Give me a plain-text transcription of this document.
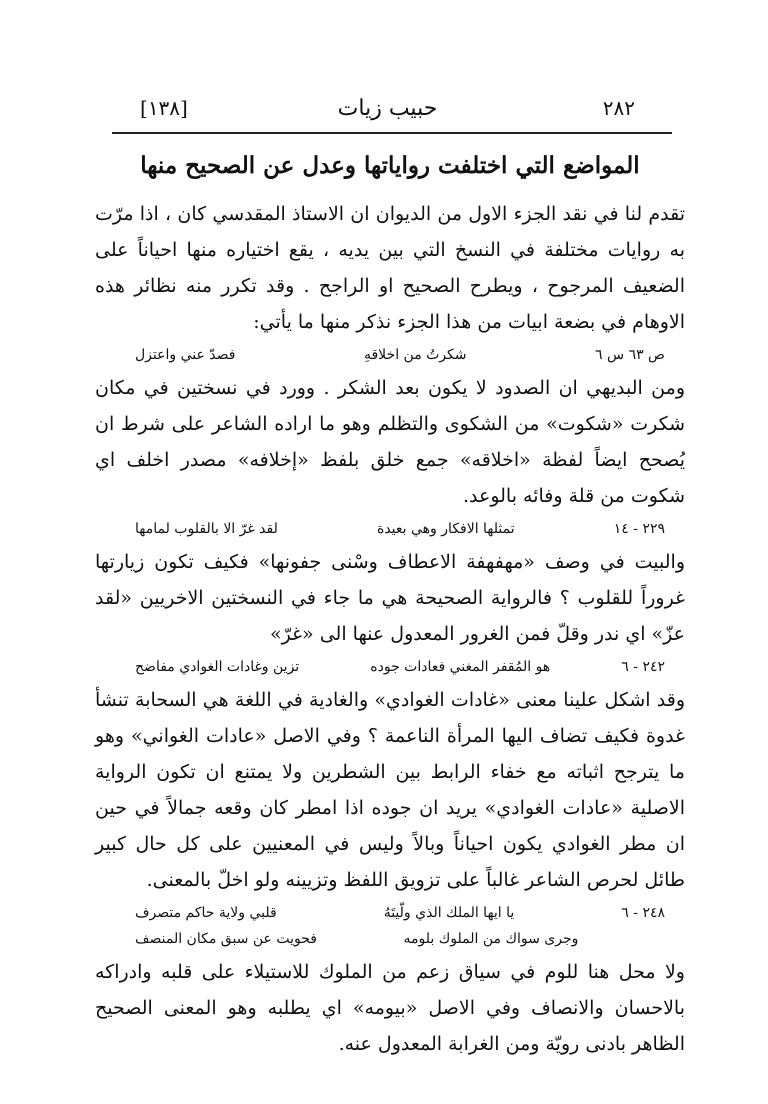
[١٣٨]	حبيب زيات	٢٨٢
المواضع التي اختلفت رواياتها وعدل عن الصحيح منها

تقدم لنا في نقد الجزء الاول من الديوان ان الاستاذ المقدسي كان ، اذا مرّت به روايات مختلفة في النسخ التي بين يديه ، يقع اختياره منها احياناً على الضعيف المرجوح ، ويطرح الصحيح او الراجح . وقد تكرر منه نظائر هذه الاوهام في بضعة ابيات من هذا الجزء نذكر منها ما يأتي:

ص ٦٣ س ٦
شكرتُ من اخلاقهِ
فصدّ عني واعتزل

ومن البديهي ان الصدود لا يكون بعد الشكر . وورد في نسختين في مكان شكرت «شكوت» من الشكوى والتظلم وهو ما اراده الشاعر على شرط ان يُصحح ايضاً لفظة «اخلاقه» جمع خلق بلفظ «إخلافه» مصدر اخلف اي شكوت من قلة وفائه بالوعد.

٢٢٩ - ١٤
تمثلها الافكار وهي بعيدة
لقد غرّ الا بالقلوب لمامها

والبيت في وصف «مهفهفة الاعطاف وسْنى جفونها» فكيف تكون زيارتها غروراً للقلوب ؟ فالرواية الصحيحة هي ما جاء في النسختين الاخريين «لقد عزّ» اي ندر وقلّ فمن الغرور المعدول عنها الى «غرّ»

٢٤٢ - ٦
هو المُقفر المغني فعادات جوده
تزين وغادات الغوادي مفاضح

وقد اشكل علينا معنى «غادات الغوادي» والغادية في اللغة هي السحابة تنشأ غدوة فكيف تضاف اليها المرأة الناعمة ؟ وفي الاصل «عادات الغواني» وهو ما يترجح اثباته مع خفاء الرابط بين الشطرين ولا يمتنع ان تكون الرواية الاصلية «عادات الغوادي» يريد ان جوده اذا امطر كان وقعه جمالاً في حين ان مطر الغوادي يكون احياناً وبالاً وليس في المعنيين على كل حال كبير طائل لحرص الشاعر غالباً على تزويق اللفظ وتزيينه ولو اخلّ بالمعنى.

٢٤٨ - ٦
يا ايها الملك الذي ولّيتَهُ
قلبي ولاية حاكم متصرف
وجرى سواك من الملوك بلومه
فحويت عن سبق مكان المنصف

ولا محل هنا للوم في سياق زعم من الملوك للاستيلاء على قلبه وادراكه بالاحسان والانصاف وفي الاصل «بيومه» اي يطلبه وهو المعنى الصحيح الظاهر بادنى رويّة ومن الغرابة المعدول عنه.
